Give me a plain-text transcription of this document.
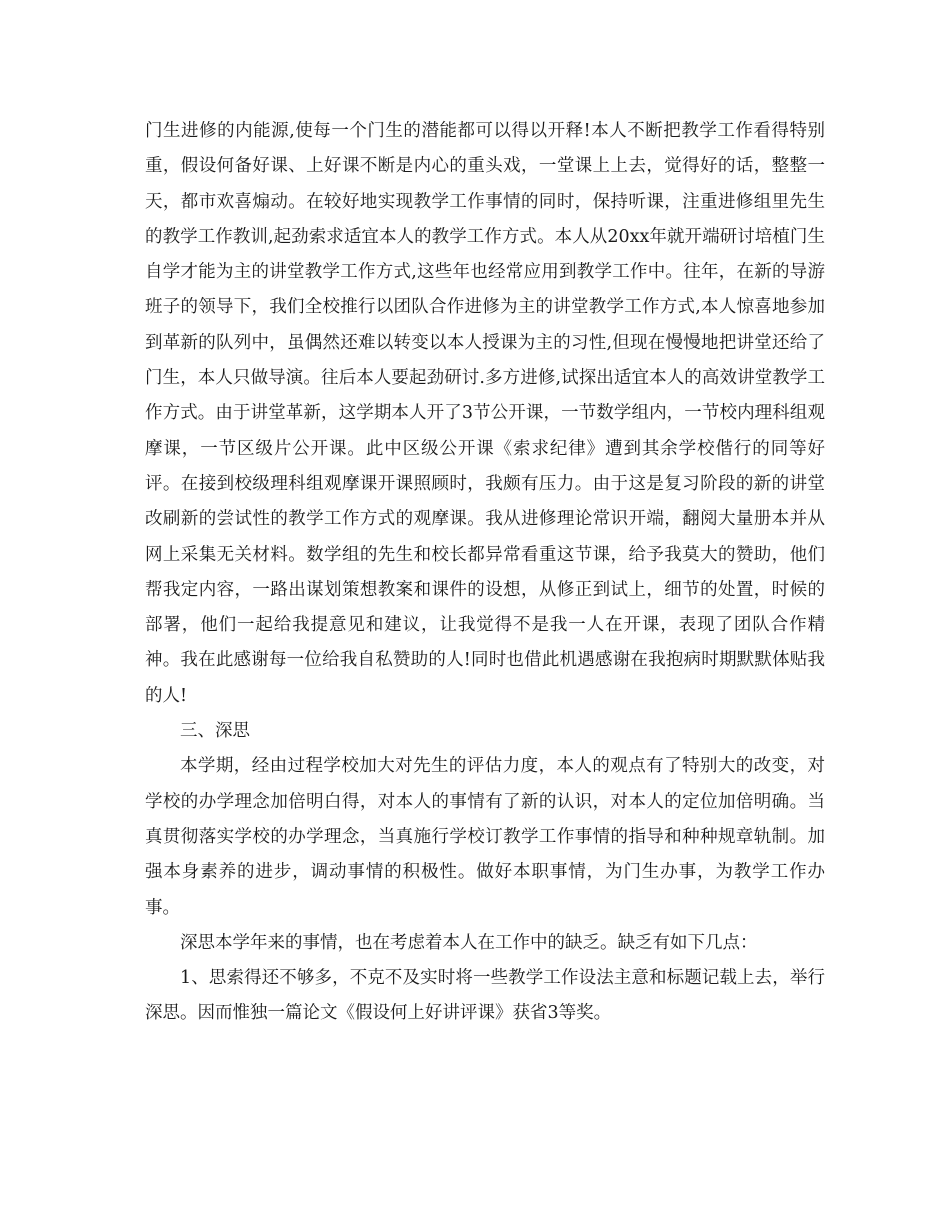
门生进修的内能源,使每一个门生的潜能都可以得以开释!本人不断把教学工作看得特别重，假设何备好课、上好课不断是内心的重头戏，一堂课上上去，觉得好的话，整整一天，都市欢喜煽动。在较好地实现教学工作事情的同时，保持听课，注重进修组里先生的教学工作教训,起劲索求适宜本人的教学工作方式。本人从20xx年就开端研讨培植门生自学才能为主的讲堂教学工作方式,这些年也经常应用到教学工作中。往年，在新的导游班子的领导下，我们全校推行以团队合作进修为主的讲堂教学工作方式,本人惊喜地参加到革新的队列中，虽偶然还难以转变以本人授课为主的习性,但现在慢慢地把讲堂还给了门生，本人只做导演。往后本人要起劲研讨.多方进修,试探出适宜本人的高效讲堂教学工作方式。由于讲堂革新，这学期本人开了3节公开课，一节数学组内，一节校内理科组观摩课，一节区级片公开课。此中区级公开课《索求纪律》遭到其余学校偕行的同等好评。在接到校级理科组观摩课开课照顾时，我颇有压力。由于这是复习阶段的新的讲堂改刷新的尝试性的教学工作方式的观摩课。我从进修理论常识开端，翻阅大量册本并从网上采集无关材料。数学组的先生和校长都异常看重这节课，给予我莫大的赞助，他们帮我定内容，一路出谋划策想教案和课件的设想，从修正到试上，细节的处置，时候的部署，他们一起给我提意见和建议，让我觉得不是我一人在开课，表现了团队合作精神。我在此感谢每一位给我自私赞助的人!同时也借此机遇感谢在我抱病时期默默体贴我的人!

三、深思

本学期，经由过程学校加大对先生的评估力度，本人的观点有了特别大的改变，对学校的办学理念加倍明白得，对本人的事情有了新的认识，对本人的定位加倍明确。当真贯彻落实学校的办学理念，当真施行学校订教学工作事情的指导和种种规章轨制。加强本身素养的进步，调动事情的积极性。做好本职事情，为门生办事，为教学工作办事。

深思本学年来的事情，也在考虑着本人在工作中的缺乏。缺乏有如下几点：

1、思索得还不够多，不克不及实时将一些教学工作设法主意和标题记载上去，举行深思。因而惟独一篇论文《假设何上好讲评课》获省3等奖。
